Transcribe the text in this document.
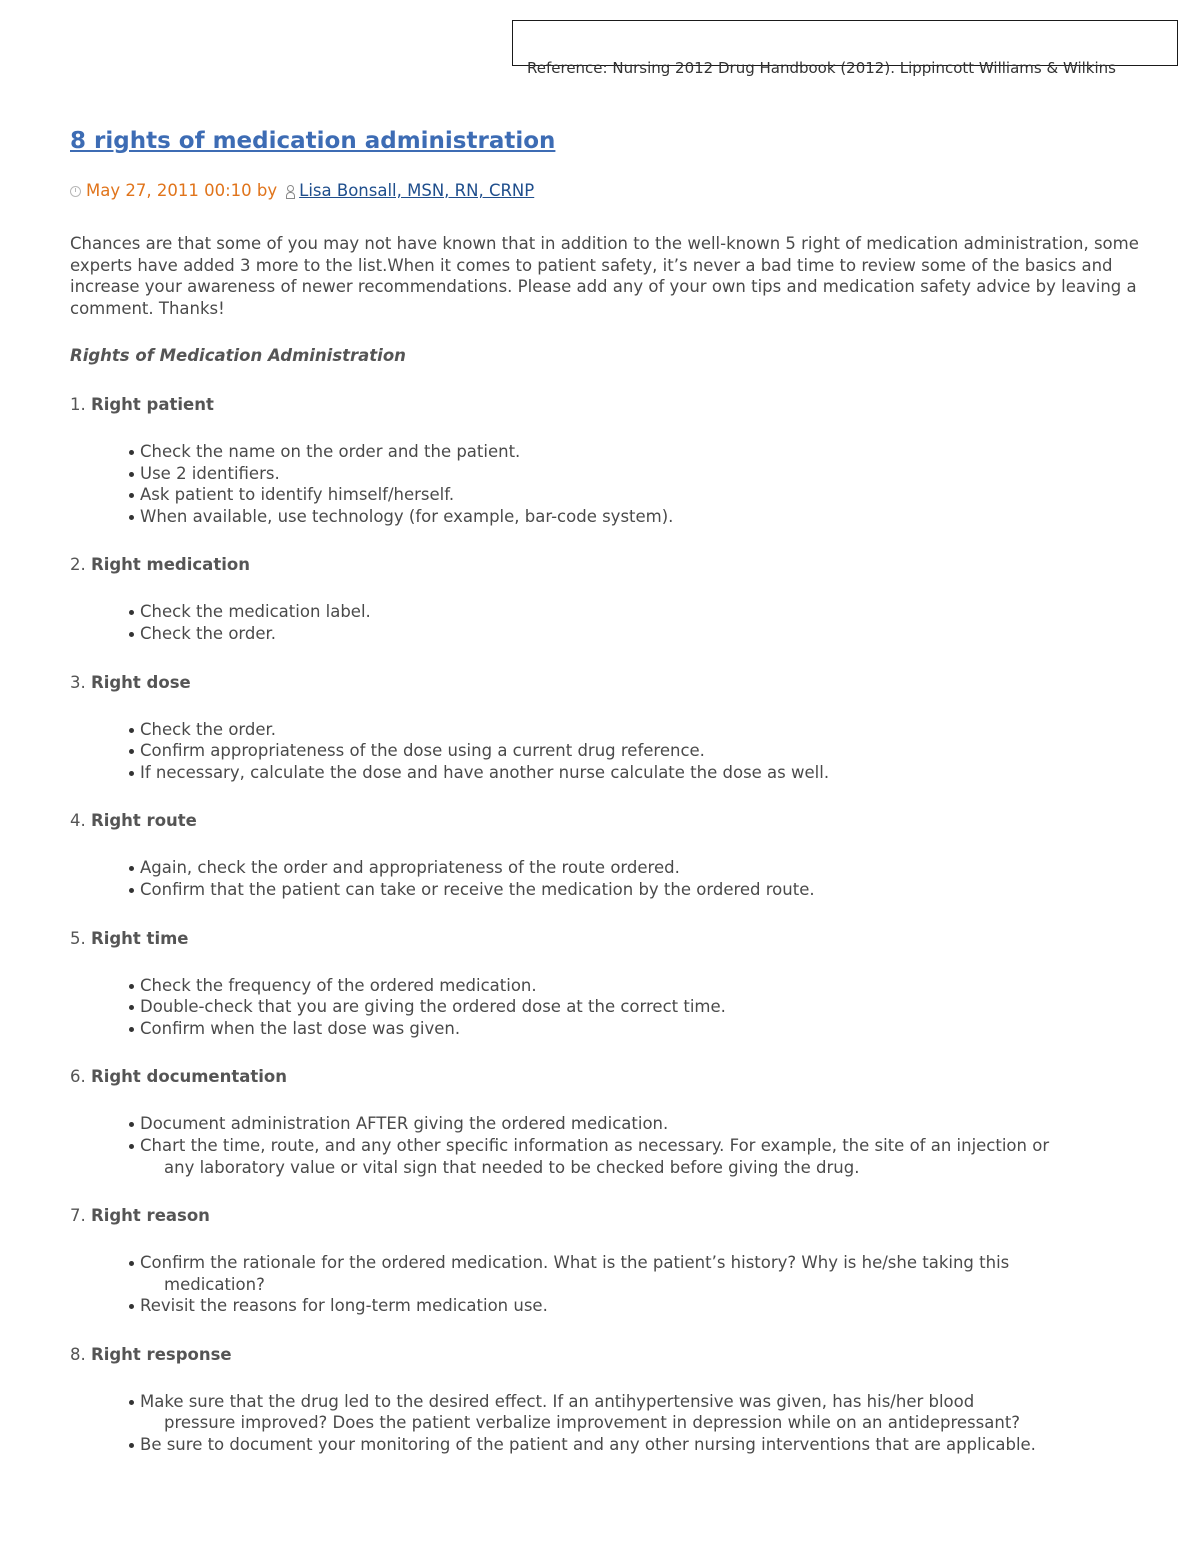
Reference: Nursing 2012 Drug Handbook (2012). Lippincott Williams & Wilkins
8 rights of medication administration
May 27, 2011 00:10
by Lisa Bonsall, MSN, RN, CRNP

Chances are that some of you may not have known that in addition to the well-known 5 right of medication administration, some experts have added 3 more to the list.When it comes to patient safety, it’s never a bad time to review some of the basics and increase your awareness of newer recommendations. Please add any of your own tips and medication safety advice by leaving a comment. Thanks!

Rights of Medication Administration
1. Right patient
Check the name on the order and the patient.
Use 2 identifiers.
Ask patient to identify himself/herself.
When available, use technology (for example, bar-code system).
2. Right medication
Check the medication label.
Check the order.
3. Right dose
Check the order.
Confirm appropriateness of the dose using a current drug reference.
If necessary, calculate the dose and have another nurse calculate the dose as well.
4. Right route
Again, check the order and appropriateness of the route ordered.
Confirm that the patient can take or receive the medication by the ordered route.
5. Right time
Check the frequency of the ordered medication.
Double-check that you are giving the ordered dose at the correct time.
Confirm when the last dose was given.
6. Right documentation
Document administration AFTER giving the ordered medication.
Chart the time, route, and any other specific information as necessary. For example, the site of an injection or
any laboratory value or vital sign that needed to be checked before giving the drug.
7. Right reason
Confirm the rationale for the ordered medication. What is the patient’s history? Why is he/she taking this
medication?
Revisit the reasons for long-term medication use.
8. Right response
Make sure that the drug led to the desired effect. If an antihypertensive was given, has his/her blood
pressure improved? Does the patient verbalize improvement in depression while on an antidepressant?
Be sure to document your monitoring of the patient and any other nursing interventions that are applicable.
